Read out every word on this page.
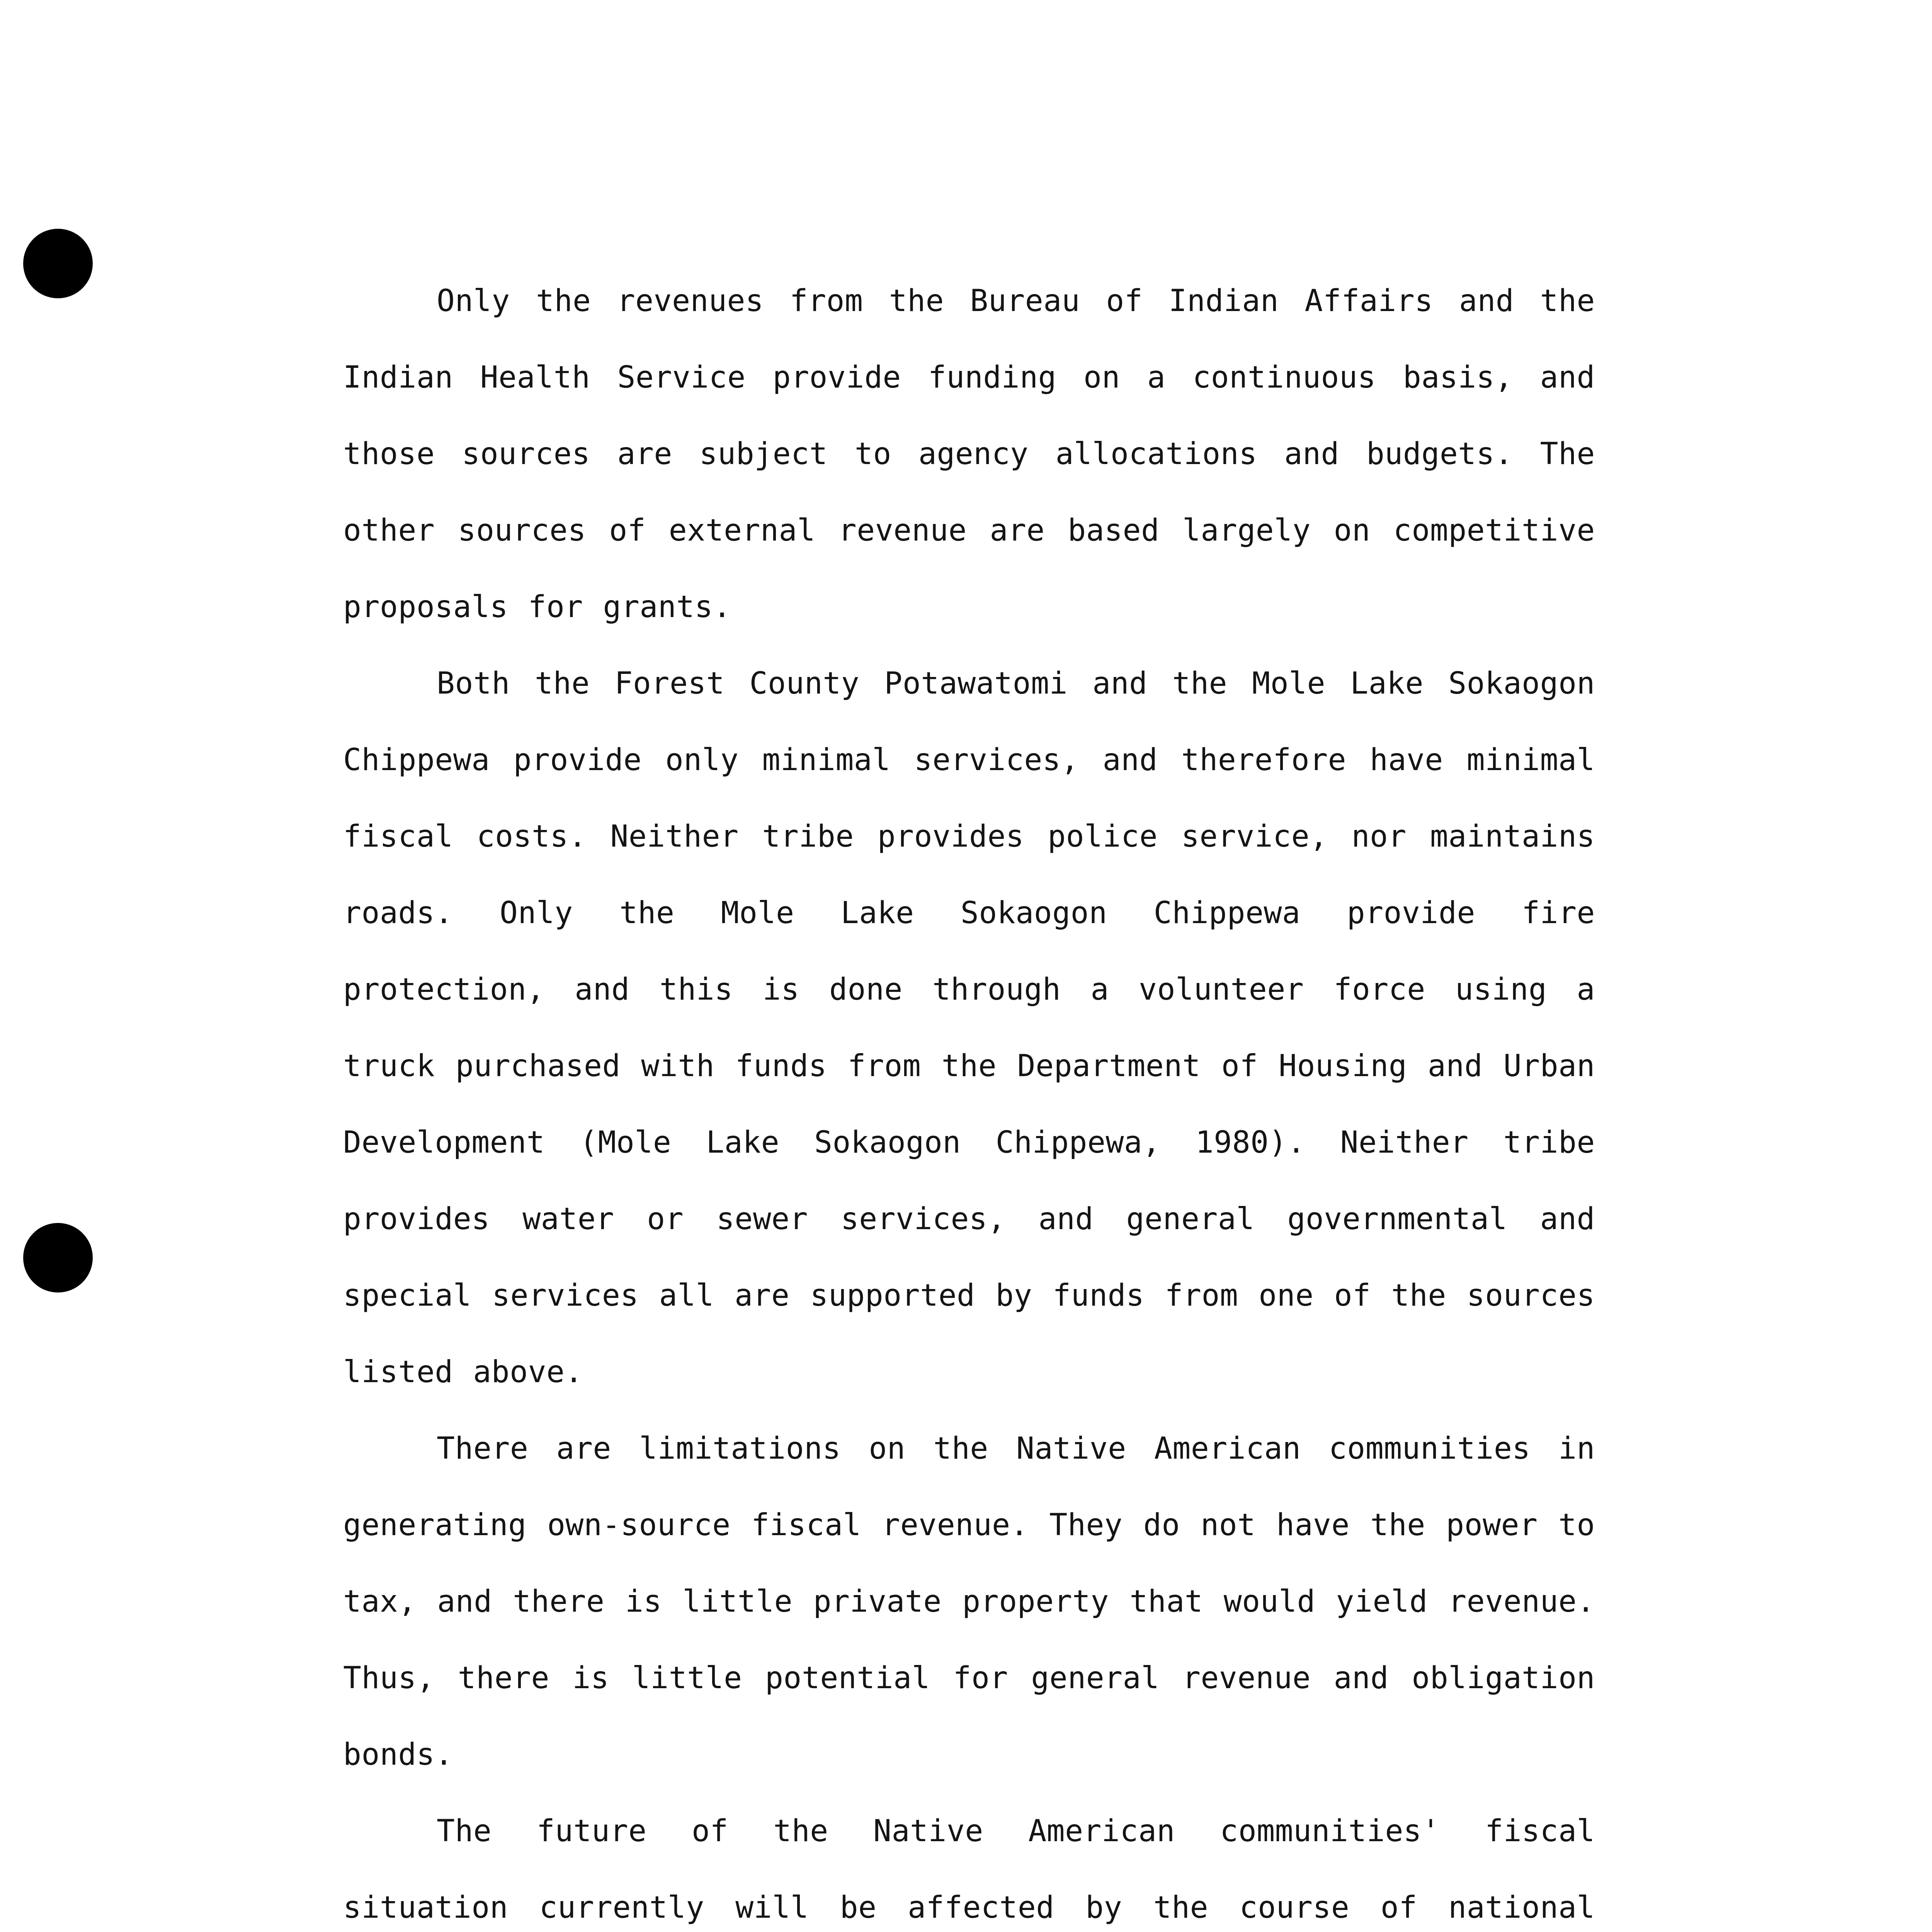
Only the revenues from the Bureau of Indian Affairs and the Indian Health Service provide funding on a continuous basis, and those sources are subject to agency allocations and budgets. The other sources of external revenue are based largely on competitive proposals for grants.

Both the Forest County Potawatomi and the Mole Lake Sokaogon Chippewa provide only minimal services, and therefore have minimal fiscal costs. Neither tribe provides police service, nor maintains roads. Only the Mole Lake Sokaogon Chippewa provide fire protection, and this is done through a volunteer force using a truck purchased with funds from the Department of Housing and Urban Development (Mole Lake Sokaogon Chippewa, 1980). Neither tribe provides water or sewer services, and general governmental and special services all are supported by funds from one of the sources listed above.

There are limitations on the Native American communities in generating own-source fiscal revenue. They do not have the power to tax, and there is little private property that would yield revenue. Thus, there is little potential for general revenue and obligation bonds.

The future of the Native American communities' fiscal situation currently will be affected by the course of national
